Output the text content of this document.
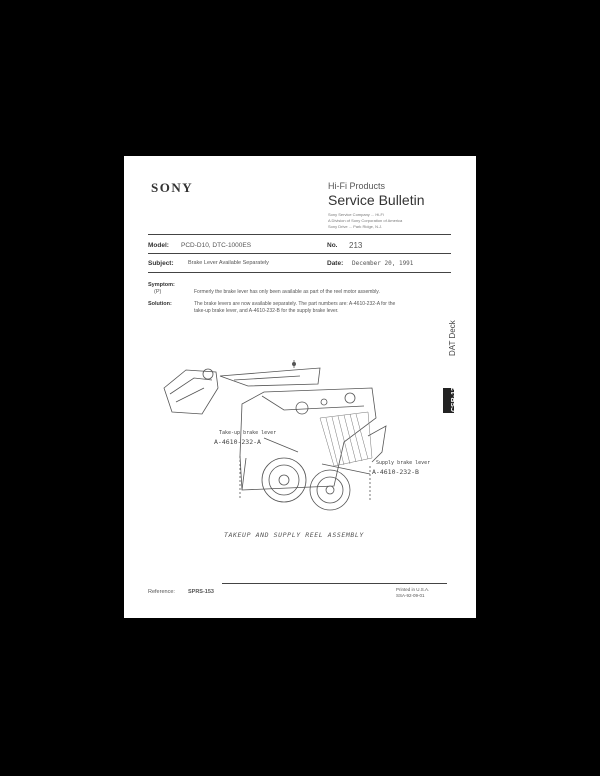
SONY	Hi-Fi Products
Service Bulletin
Sony Service Company ... Hi-Fi
A Division of Sony Corporation of America
Sony Drive ... Park Ridge, N.J.
Model: PCD-D10, DTC-1000ES	No. 213
Subject:	Brake Lever Available Separately	Date: December 20, 1991
Symptom:
(P)	Formerly the brake lever has only been available as part of the reel motor assembly.
Solution:	The brake levers are now available separately. The part numbers are: A-4610-232-A for the
take-up brake lever, and A-4610-232-B for the supply brake lever.
Take-up brake lever
A-4610-232-A
Supply brake lever
A-4610-232-B
TAKEUP AND SUPPLY REEL ASSEMBLY
Reference: SPRS-153	Printed in U.S.A.
SSA-92-09-01
DAT Deck
CSB-13
